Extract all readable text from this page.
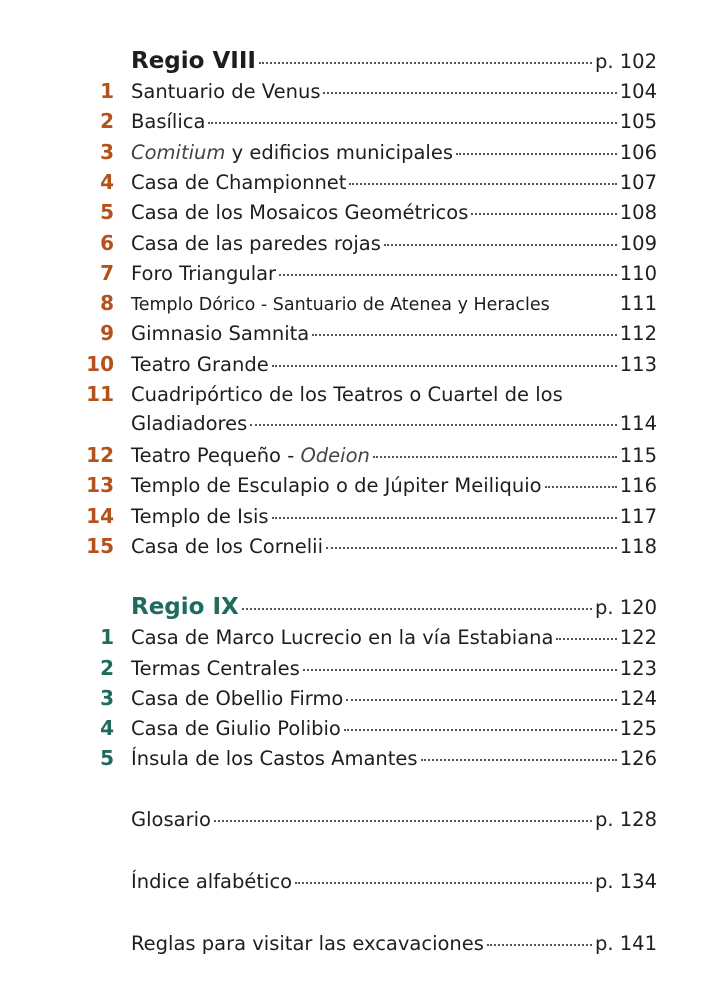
Regio VIII	p. 102
1 Santuario de Venus	104
2 Basílica	105
3 Comitium y edificios municipales	106
4 Casa de Championnet	107
5 Casa de los Mosaicos Geométricos	108
6 Casa de las paredes rojas	109
7 Foro Triangular	110
8 Templo Dórico - Santuario de Atenea y Heracles	111
9 Gimnasio Samnita	112
10 Teatro Grande	113
11 Cuadripórtico de los Teatros o Cuartel de los
Gladiadores	114
12 Teatro Pequeño - Odeion	115
13 Templo de Esculapio o de Júpiter Meiliquio	116
14 Templo de Isis	117
15 Casa de los Cornelii	118
Regio IX	p. 120
1 Casa de Marco Lucrecio en la vía Estabiana	122
2 Termas Centrales	123
3 Casa de Obellio Firmo	124
4 Casa de Giulio Polibio	125
5 Ínsula de los Castos Amantes	126
Glosario	p. 128
Índice alfabético	p. 134
Reglas para visitar las excavaciones	p. 141
